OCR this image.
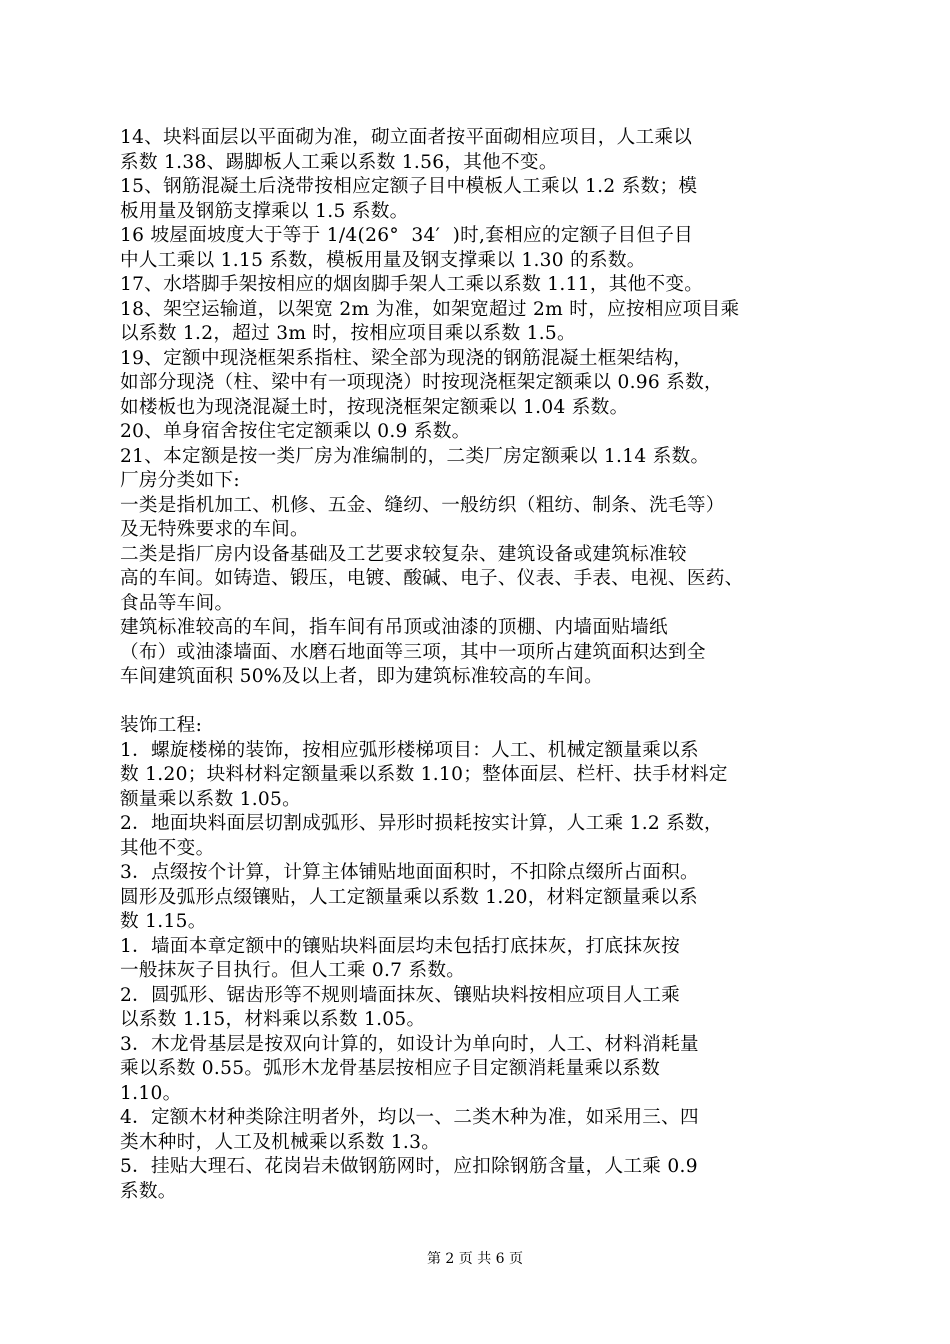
14、块料面层以平面砌为准，砌立面者按平面砌相应项目，人工乘以
系数 1.38、踢脚板人工乘以系数 1.56，其他不变。
15、钢筋混凝土后浇带按相应定额子目中模板人工乘以 1.2 系数；模
板用量及钢筋支撑乘以 1.5 系数。
16 坡屋面坡度大于等于 1/4(26°  34′  )时,套相应的定额子目但子目
中人工乘以 1.15 系数，模板用量及钢支撑乘以 1.30 的系数。
17、水塔脚手架按相应的烟囱脚手架人工乘以系数 1.11，其他不变。
18、架空运输道，以架宽 2m 为准，如架宽超过 2m 时，应按相应项目乘
以系数 1.2，超过 3m 时，按相应项目乘以系数 1.5。
19、定额中现浇框架系指柱、梁全部为现浇的钢筋混凝土框架结构，
如部分现浇（柱、梁中有一项现浇）时按现浇框架定额乘以 0.96 系数，
如楼板也为现浇混凝土时，按现浇框架定额乘以 1.04 系数。
20、单身宿舍按住宅定额乘以 0.9 系数。
21、本定额是按一类厂房为准编制的，二类厂房定额乘以 1.14 系数。
厂房分类如下:
一类是指机加工、机修、五金、缝纫、一般纺织（粗纺、制条、洗毛等）
及无特殊要求的车间。
二类是指厂房内设备基础及工艺要求较复杂、建筑设备或建筑标准较
高的车间。如铸造、锻压，电镀、酸碱、电子、仪表、手表、电视、医药、
食品等车间。
建筑标准较高的车间，指车间有吊顶或油漆的顶棚、内墙面贴墙纸
（布）或油漆墙面、水磨石地面等三项，其中一项所占建筑面积达到全
车间建筑面积 50%及以上者，即为建筑标准较高的车间。
装饰工程:
1．螺旋楼梯的装饰，按相应弧形楼梯项目：人工、机械定额量乘以系
数 1.20；块料材料定额量乘以系数 1.10；整体面层、栏杆、扶手材料定
额量乘以系数 1.05。
2．地面块料面层切割成弧形、异形时损耗按实计算，人工乘 1.2 系数，
其他不变。
3．点缀按个计算，计算主体铺贴地面面积时，不扣除点缀所占面积。
圆形及弧形点缀镶贴，人工定额量乘以系数 1.20，材料定额量乘以系
数 1.15。
1．墙面本章定额中的镶贴块料面层均未包括打底抹灰，打底抹灰按
一般抹灰子目执行。但人工乘 0.7 系数。
2．圆弧形、锯齿形等不规则墙面抹灰、镶贴块料按相应项目人工乘
以系数 1.15，材料乘以系数 1.05。
3．木龙骨基层是按双向计算的，如设计为单向时，人工、材料消耗量
乘以系数 0.55。弧形木龙骨基层按相应子目定额消耗量乘以系数
1.10。
4．定额木材种类除注明者外，均以一、二类木种为准，如采用三、四
类木种时，人工及机械乘以系数 1.3。
5．挂贴大理石、花岗岩未做钢筋网时，应扣除钢筋含量，人工乘 0.9
系数。
第 2 页 共 6 页
